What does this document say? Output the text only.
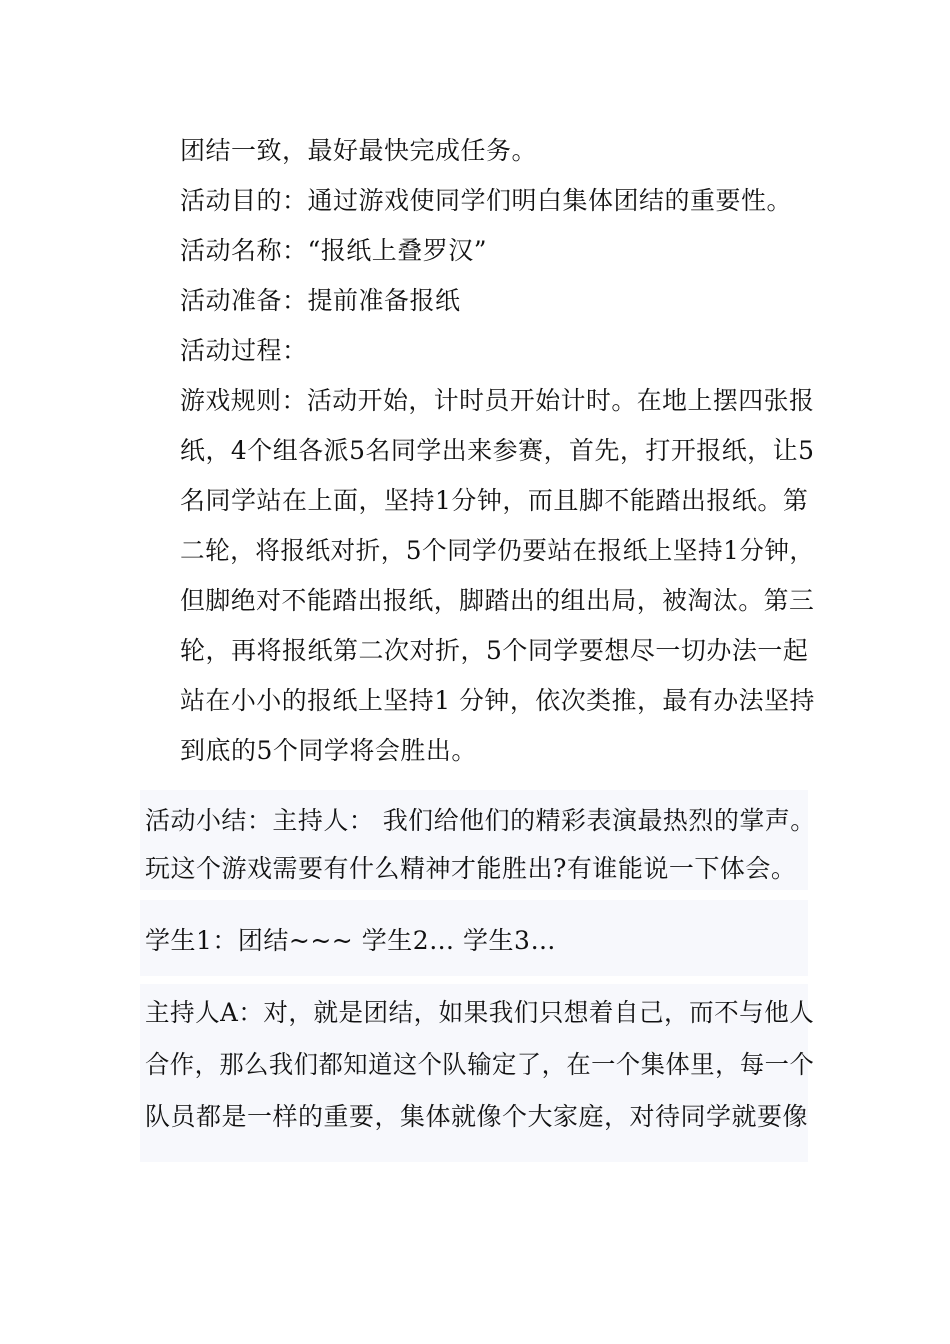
团结一致，最好最快完成任务。
活动目的：通过游戏使同学们明白集体团结的重要性。
活动名称：“报纸上叠罗汉”
活动准备：提前准备报纸
活动过程：
游戏规则：活动开始，计时员开始计时。在地上摆四张报
纸，4个组各派5名同学出来参赛，首先，打开报纸，让5
名同学站在上面，坚持1分钟，而且脚不能踏出报纸。第
二轮，将报纸对折，5个同学仍要站在报纸上坚持1分钟，
但脚绝对不能踏出报纸，脚踏出的组出局，被淘汰。第三
轮，再将报纸第二次对折，5个同学要想尽一切办法一起
站在小小的报纸上坚持1 分钟，依次类推，最有办法坚持
到底的5个同学将会胜出。
活动小结：主持人： 我们给他们的精彩表演最热烈的掌声。
玩这个游戏需要有什么精神才能胜出?有谁能说一下体会。
学生1：团结~~~ 学生2… 学生3…
主持人A：对，就是团结，如果我们只想着自己，而不与他人
合作，那么我们都知道这个队输定了，在一个集体里，每一个
队员都是一样的重要，集体就像个大家庭，对待同学就要像
